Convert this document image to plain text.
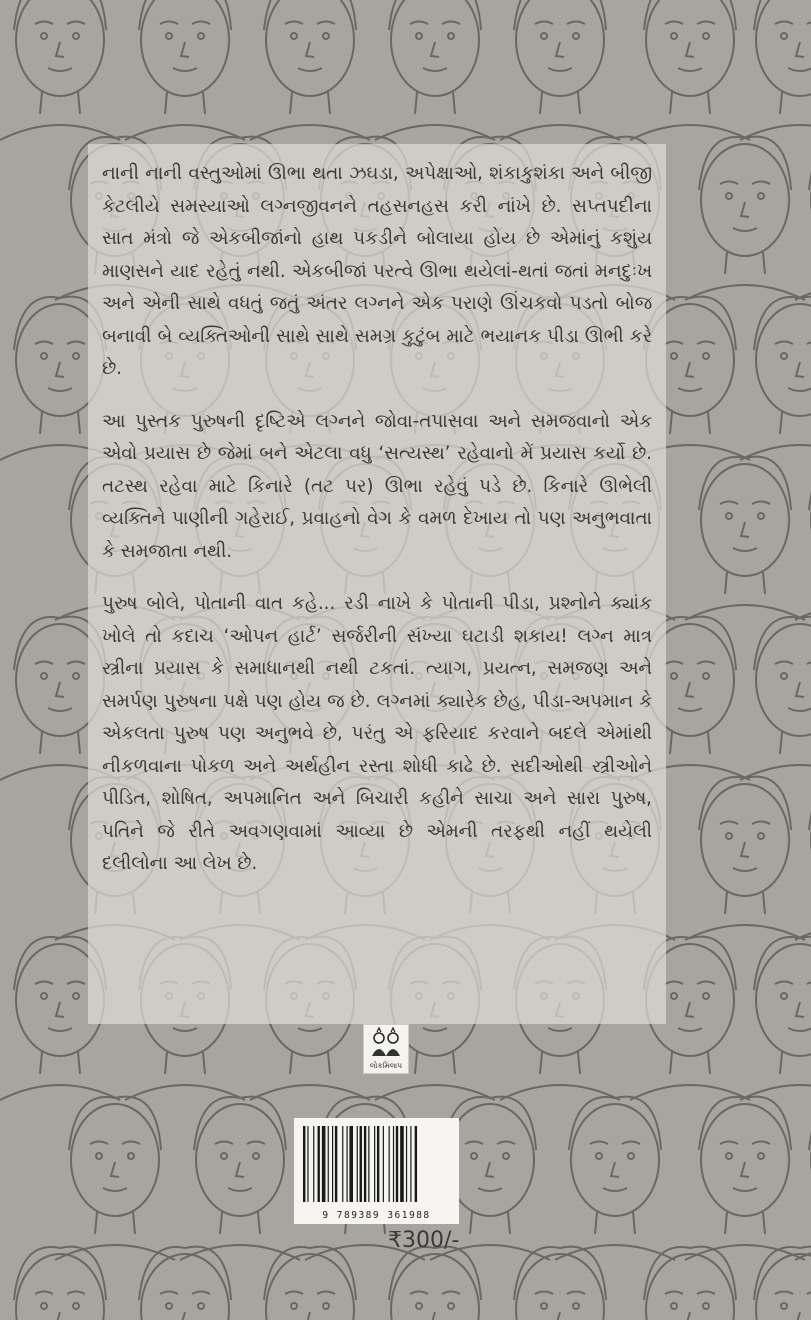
નાની નાની વસ્તુઓમાં ઊભા થતા ઝઘડા, અપેક્ષાઓ, શંકાકુશંકા અને બીજી કેટલીયે સમસ્યાઓ લગ્નજીવનને તહસનહસ કરી નાંખે છે. સપ્તપદીના સાત મંત્રો જે એકબીજાંનો હાથ પકડીને બોલાયા હોય છે એમાંનું કશુંય માણસને યાદ રહેતું નથી. એકબીજાં પરત્વે ઊભા થયેલાં-થતાં જતાં મનદુઃખ અને એની સાથે વધતું જતું અંતર લગ્નને એક પરાણે ઊંચકવો પડતો બોજ બનાવી બે વ્યક્તિઓની સાથે સાથે સમગ્ર કુટુંબ માટે ભયાનક પીડા ઊભી કરે છે.

આ પુસ્તક પુરુષની દૃષ્ટિએ લગ્નને જોવા-તપાસવા અને સમજવાનો એક એવો પ્રયાસ છે જેમાં બને એટલા વધુ ‘સત્યસ્થ’ રહેવાનો મેં પ્રયાસ કર્યો છે. તટસ્થ રહેવા માટે કિનારે (તટ પર) ઊભા રહેવું પડે છે. કિનારે ઊભેલી વ્યક્તિને પાણીની ગહેરાઈ, પ્રવાહનો વેગ કે વમળ દેખાય તો પણ અનુભવાતા કે સમજાતા નથી.

પુરુષ બોલે, પોતાની વાત કહે... રડી નાખે કે પોતાની પીડા, પ્રશ્નોને ક્યાંક ખોલે તો કદાચ ‘ઓપન હાર્ટ’ સર્જરીની સંખ્યા ઘટાડી શકાય! લગ્ન માત્ર સ્ત્રીના પ્રયાસ કે સમાધાનથી નથી ટકતાં. ત્યાગ, પ્રયત્ન, સમજણ અને સમર્પણ પુરુષના પક્ષે પણ હોય જ છે. લગ્નમાં ક્યારેક છેહ, પીડા-અપમાન કે એકલતા પુરુષ પણ અનુભવે છે, પરંતુ એ ફરિયાદ કરવાને બદલે એમાંથી નીકળવાના પોકળ અને અર્થહીન રસ્તા શોધી કાઢે છે. સદીઓથી સ્ત્રીઓને પીડિત, શોષિત, અપમાનિત અને બિચારી કહીને સાચા અને સારા પુરુષ, પતિને જે રીતે અવગણવામાં આવ્યા છે એમની તરફથી નહીં થયેલી દલીલોના આ લેખ છે.

લોકમિલાપ
9 789389 361988
₹300/-
